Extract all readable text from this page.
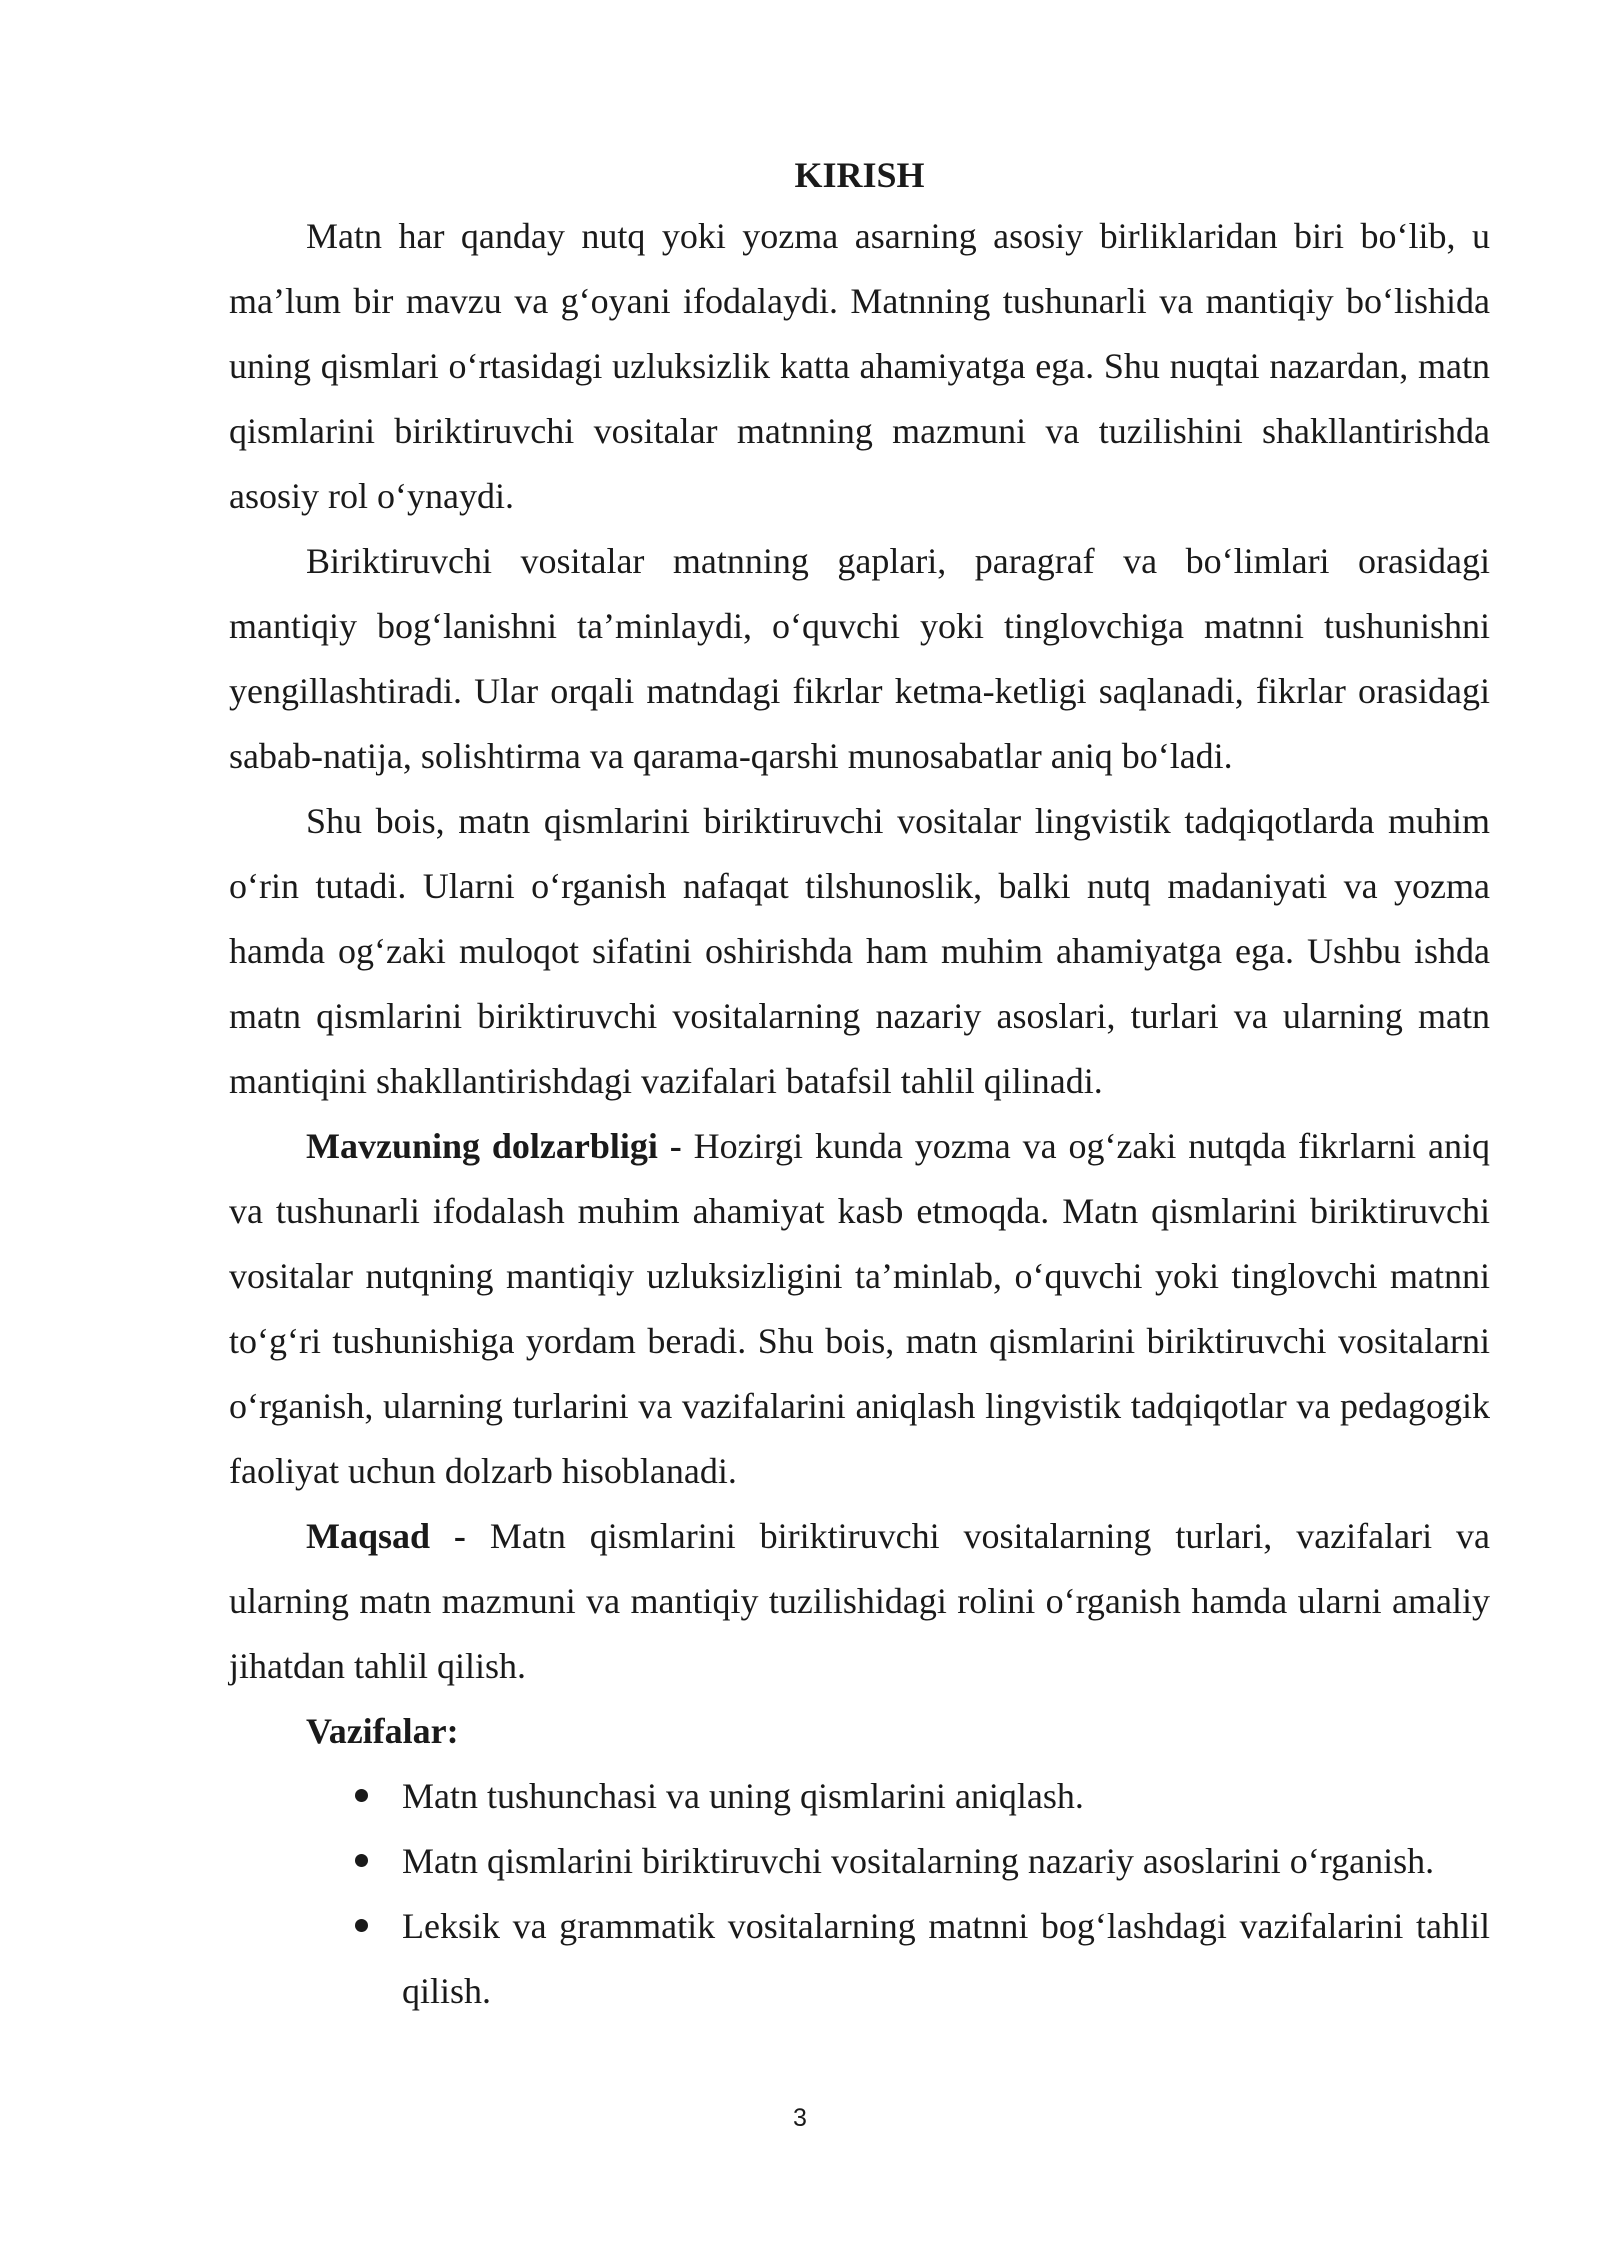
KIRISH

Matn har qanday nutq yoki yozma asarning asosiy birliklaridan biri bo‘lib, u ma’lum bir mavzu va g‘oyani ifodalaydi. Matnning tushunarli va mantiqiy bo‘lishida uning qismlari o‘rtasidagi uzluksizlik katta ahamiyatga ega. Shu nuqtai nazardan, matn qismlarini biriktiruvchi vositalar matnning mazmuni va tuzilishini shakllantirishda asosiy rol o‘ynaydi.

Biriktiruvchi vositalar matnning gaplari, paragraf va bo‘limlari orasidagi mantiqiy bog‘lanishni ta’minlaydi, o‘quvchi yoki tinglovchiga matnni tushunishni yengillashtiradi. Ular orqali matndagi fikrlar ketma-ketligi saqlanadi, fikrlar orasidagi sabab-natija, solishtirma va qarama-qarshi munosabatlar aniq bo‘ladi.

Shu bois, matn qismlarini biriktiruvchi vositalar lingvistik tadqiqotlarda muhim o‘rin tutadi. Ularni o‘rganish nafaqat tilshunoslik, balki nutq madaniyati va yozma hamda og‘zaki muloqot sifatini oshirishda ham muhim ahamiyatga ega. Ushbu ishda matn qismlarini biriktiruvchi vositalarning nazariy asoslari, turlari va ularning matn mantiqini shakllantirishdagi vazifalari batafsil tahlil qilinadi.

Mavzuning dolzarbligi - Hozirgi kunda yozma va og‘zaki nutqda fikrlarni aniq va tushunarli ifodalash muhim ahamiyat kasb etmoqda. Matn qismlarini biriktiruvchi vositalar nutqning mantiqiy uzluksizligini ta’minlab, o‘quvchi yoki tinglovchi matnni to‘g‘ri tushunishiga yordam beradi. Shu bois, matn qismlarini biriktiruvchi vositalarni o‘rganish, ularning turlarini va vazifalarini aniqlash lingvistik tadqiqotlar va pedagogik faoliyat uchun dolzarb hisoblanadi.

Maqsad - Matn qismlarini biriktiruvchi vositalarning turlari, vazifalari va ularning matn mazmuni va mantiqiy tuzilishidagi rolini o‘rganish hamda ularni amaliy jihatdan tahlil qilish.

Vazifalar:

Matn tushunchasi va uning qismlarini aniqlash.
Matn qismlarini biriktiruvchi vositalarning nazariy asoslarini o‘rganish.
Leksik va grammatik vositalarning matnni bog‘lashdagi vazifalarini tahlil qilish.
3
